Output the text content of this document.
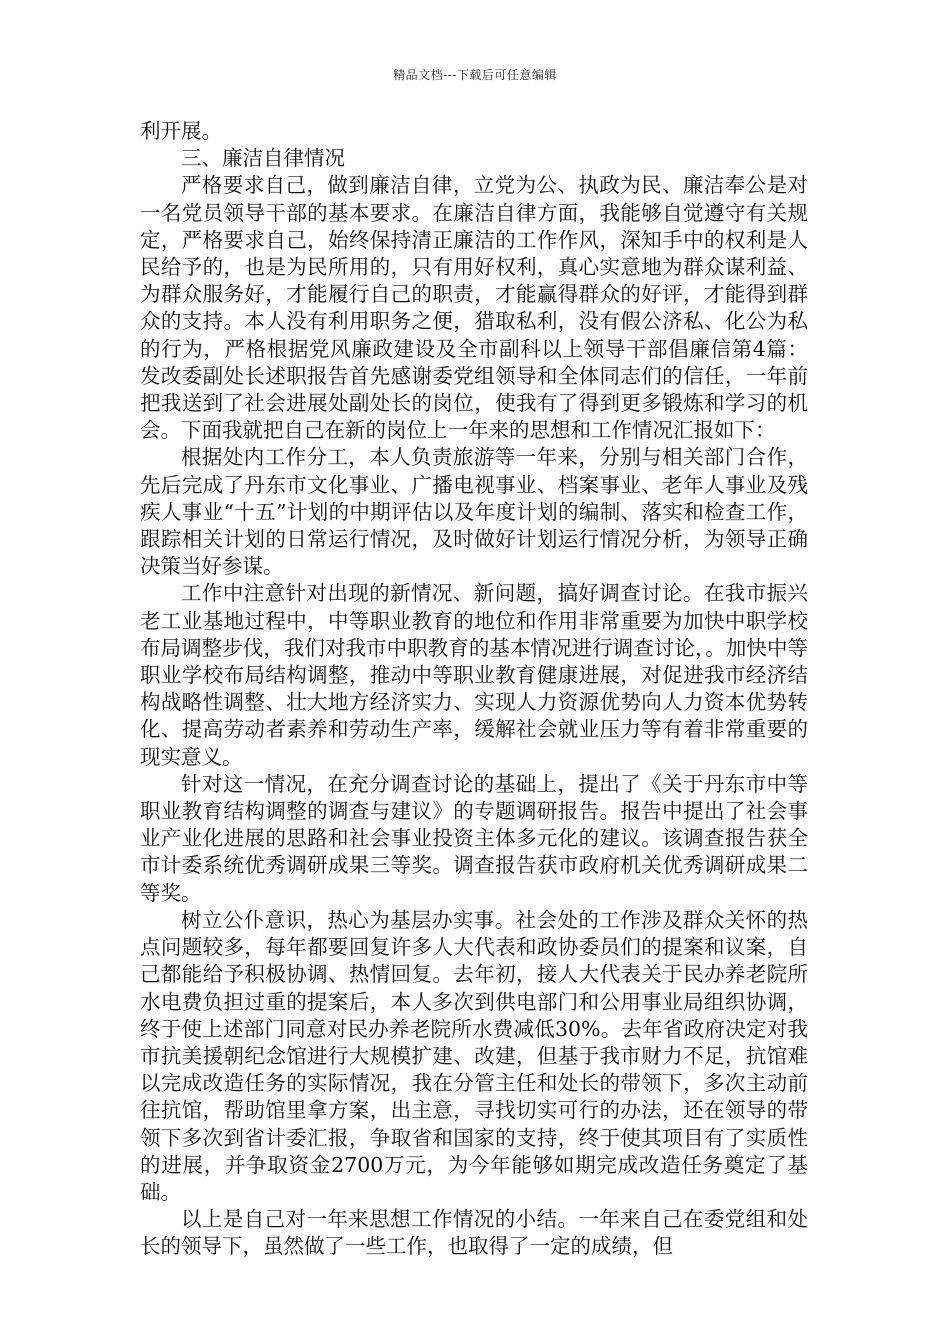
精品文档---下载后可任意编辑

利开展。

三、廉洁自律情况

严格要求自己，做到廉洁自律，立党为公、执政为民、廉洁奉公是对一名党员领导干部的基本要求。在廉洁自律方面，我能够自觉遵守有关规定，严格要求自己，始终保持清正廉洁的工作作风，深知手中的权利是人民给予的，也是为民所用的，只有用好权利，真心实意地为群众谋利益、为群众服务好，才能履行自己的职责，才能赢得群众的好评，才能得到群众的支持。本人没有利用职务之便，猎取私利，没有假公济私、化公为私的行为，严格根据党风廉政建设及全市副科以上领导干部倡廉信第4篇：发改委副处长述职报告首先感谢委党组领导和全体同志们的信任，一年前把我送到了社会进展处副处长的岗位，使我有了得到更多锻炼和学习的机会。下面我就把自己在新的岗位上一年来的思想和工作情况汇报如下：

根据处内工作分工，本人负责旅游等一年来，分别与相关部门合作，先后完成了丹东市文化事业、广播电视事业、档案事业、老年人事业及残疾人事业“十五”计划的中期评估以及年度计划的编制、落实和检查工作，跟踪相关计划的日常运行情况，及时做好计划运行情况分析，为领导正确决策当好参谋。

工作中注意针对出现的新情况、新问题，搞好调查讨论。在我市振兴老工业基地过程中，中等职业教育的地位和作用非常重要为加快中职学校布局调整步伐，我们对我市中职教育的基本情况进行调查讨论，。加快中等职业学校布局结构调整，推动中等职业教育健康进展，对促进我市经济结构战略性调整、壮大地方经济实力、实现人力资源优势向人力资本优势转化、提高劳动者素养和劳动生产率，缓解社会就业压力等有着非常重要的现实意义。

针对这一情况，在充分调查讨论的基础上，提出了《关于丹东市中等职业教育结构调整的调查与建议》的专题调研报告。报告中提出了社会事业产业化进展的思路和社会事业投资主体多元化的建议。该调查报告获全市计委系统优秀调研成果三等奖。调查报告获市政府机关优秀调研成果二等奖。

树立公仆意识，热心为基层办实事。社会处的工作涉及群众关怀的热点问题较多，每年都要回复许多人大代表和政协委员们的提案和议案，自己都能给予积极协调、热情回复。去年初，接人大代表关于民办养老院所水电费负担过重的提案后，本人多次到供电部门和公用事业局组织协调，终于使上述部门同意对民办养老院所水费减低30%。去年省政府决定对我市抗美援朝纪念馆进行大规模扩建、改建，但基于我市财力不足，抗馆难以完成改造任务的实际情况，我在分管主任和处长的带领下，多次主动前往抗馆，帮助馆里拿方案，出主意，寻找切实可行的办法，还在领导的带领下多次到省计委汇报，争取省和国家的支持，终于使其项目有了实质性的进展，并争取资金2700万元，为今年能够如期完成改造任务奠定了基础。

以上是自己对一年来思想工作情况的小结。一年来自己在委党组和处长的领导下，虽然做了一些工作，也取得了一定的成绩，但
